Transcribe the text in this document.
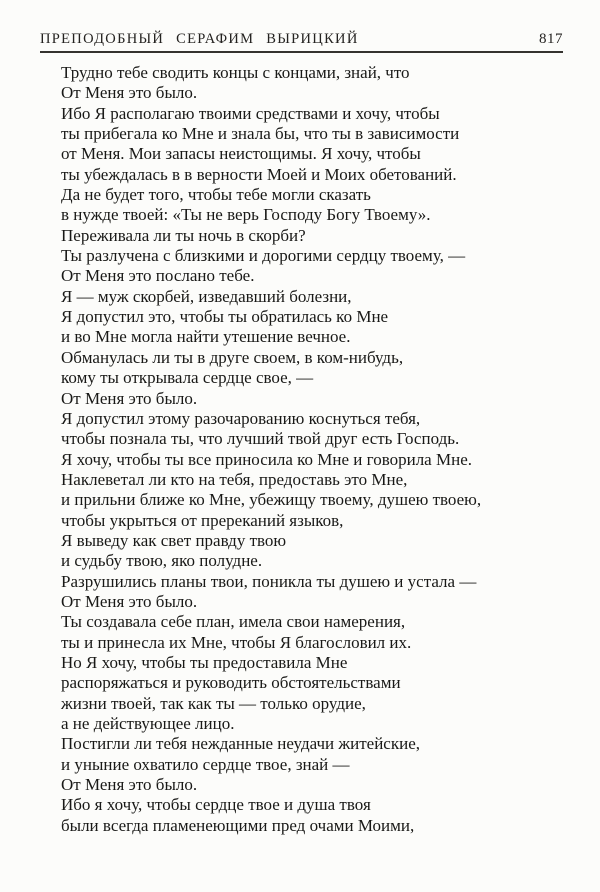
ПРЕПОДОБНЫЙ СЕРАФИМ ВЫРИЦКИЙ	817
Трудно тебе сводить концы с концами, знай, что
От Меня это было.
Ибо Я располагаю твоими средствами и хочу, чтобы
ты прибегала ко Мне и знала бы, что ты в зависимости
от Меня. Мои запасы неистощимы. Я хочу, чтобы
ты убеждалась в в верности Моей и Моих обетований.
Да не будет того, чтобы тебе могли сказать
в нужде твоей: «Ты не верь Господу Богу Твоему».
Переживала ли ты ночь в скорби?
Ты разлучена с близкими и дорогими сердцу твоему, —
От Меня это послано тебе.
Я — муж скорбей, изведавший болезни,
Я допустил это, чтобы ты обратилась ко Мне
и во Мне могла найти утешение вечное.
Обманулась ли ты в друге своем, в ком-нибудь,
кому ты открывала сердце свое, —
От Меня это было.
Я допустил этому разочарованию коснуться тебя,
чтобы познала ты, что лучший твой друг есть Господь.
Я хочу, чтобы ты все приносила ко Мне и говорила Мне.
Наклеветал ли кто на тебя, предоставь это Мне,
и прильни ближе ко Мне, убежищу твоему, душею твоею,
чтобы укрыться от пререканий языков,
Я выведу как свет правду твою
и судьбу твою, яко полудне.
Разрушились планы твои, поникла ты душею и устала —
От Меня это было.
Ты создавала себе план, имела свои намерения,
ты и принесла их Мне, чтобы Я благословил их.
Но Я хочу, чтобы ты предоставила Мне
распоряжаться и руководить обстоятельствами
жизни твоей, так как ты — только орудие,
а не действующее лицо.
Постигли ли тебя нежданные неудачи житейские,
и уныние охватило сердце твое, знай —
От Меня это было.
Ибо я хочу, чтобы сердце твое и душа твоя
были всегда пламенеющими пред очами Моими,
